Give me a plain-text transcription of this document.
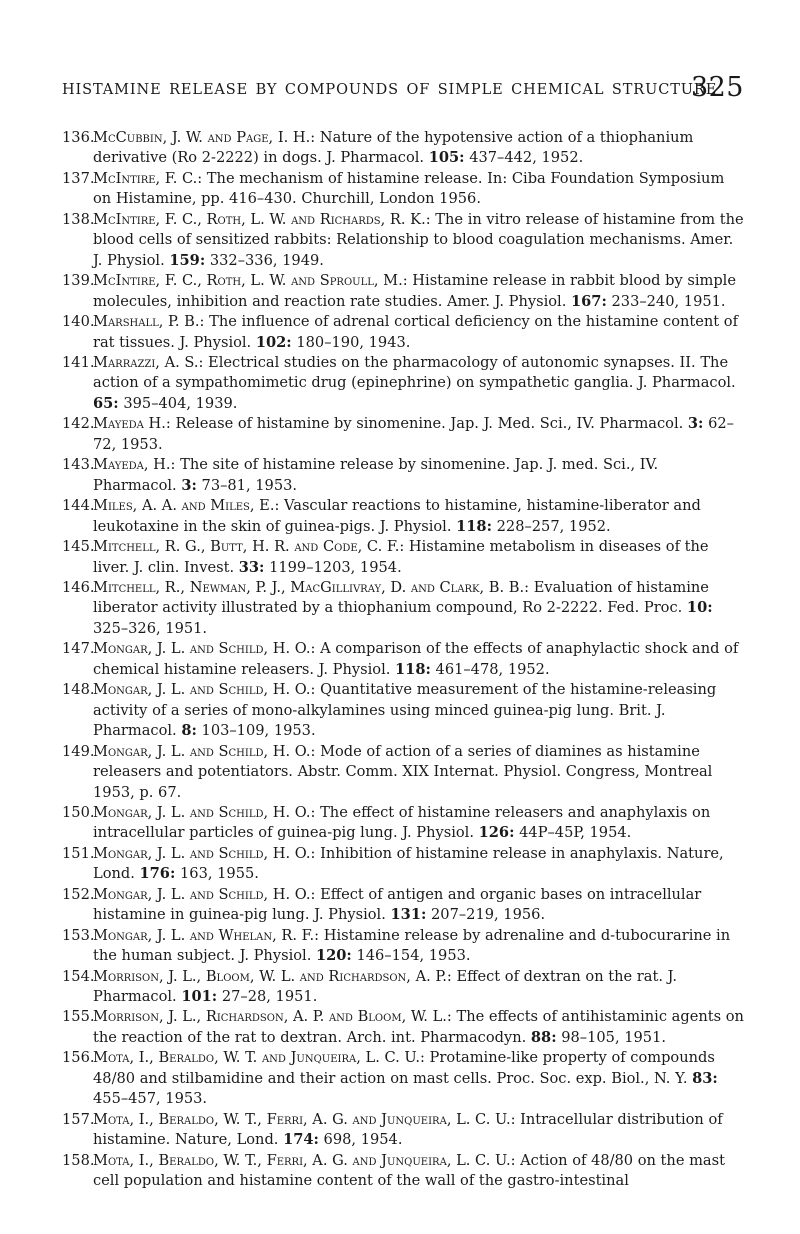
HISTAMINE RELEASE BY COMPOUNDS OF SIMPLE CHEMICAL STRUCTURE
325

136.
McCubbin, J. W. and Page, I. H.: Nature of the hypotensive action of a thiophanium derivative (Ro 2-2222) in dogs. J. Pharmacol. 105: 437–442, 1952.

137.
McIntire, F. C.: The mechanism of histamine release. In: Ciba Foundation Symposium on Histamine, pp. 416–430. Churchill, London 1956.

138.
McIntire, F. C., Roth, L. W. and Richards, R. K.: The in vitro release of histamine from the blood cells of sensitized rabbits: Relationship to blood coagulation mechanisms. Amer. J. Physiol. 159: 332–336, 1949.

139.
McIntire, F. C., Roth, L. W. and Sproull, M.: Histamine release in rabbit blood by simple molecules, inhibition and reaction rate studies. Amer. J. Physiol. 167: 233–240, 1951.

140.
Marshall, P. B.: The influence of adrenal cortical deficiency on the histamine content of rat tissues. J. Physiol. 102: 180–190, 1943.

141.
Marrazzi, A. S.: Electrical studies on the pharmacology of autonomic synapses. II. The action of a sympathomimetic drug (epinephrine) on sympathetic ganglia. J. Pharmacol. 65: 395–404, 1939.

142.
Mayeda H.: Release of histamine by sinomenine. Jap. J. Med. Sci., IV. Pharmacol. 3: 62–72, 1953.

143.
Mayeda, H.: The site of histamine release by sinomenine. Jap. J. med. Sci., IV. Pharmacol. 3: 73–81, 1953.

144.
Miles, A. A. and Miles, E.: Vascular reactions to histamine, histamine-liberator and leukotaxine in the skin of guinea-pigs. J. Physiol. 118: 228–257, 1952.

145.
Mitchell, R. G., Butt, H. R. and Code, C. F.: Histamine metabolism in diseases of the liver. J. clin. Invest. 33: 1199–1203, 1954.

146.
Mitchell, R., Newman, P. J., MacGillivray, D. and Clark, B. B.: Evaluation of histamine liberator activity illustrated by a thiophanium compound, Ro 2-2222. Fed. Proc. 10: 325–326, 1951.

147.
Mongar, J. L. and Schild, H. O.: A comparison of the effects of anaphylactic shock and of chemical histamine releasers. J. Physiol. 118: 461–478, 1952.

148.
Mongar, J. L. and Schild, H. O.: Quantitative measurement of the histamine-releasing activity of a series of mono-alkylamines using minced guinea-pig lung. Brit. J. Pharmacol. 8: 103–109, 1953.

149.
Mongar, J. L. and Schild, H. O.: Mode of action of a series of diamines as histamine releasers and potentiators. Abstr. Comm. XIX Internat. Physiol. Congress, Montreal 1953, p. 67.

150.
Mongar, J. L. and Schild, H. O.: The effect of histamine releasers and anaphylaxis on intracellular particles of guinea-pig lung. J. Physiol. 126: 44P–45P, 1954.

151.
Mongar, J. L. and Schild, H. O.: Inhibition of histamine release in anaphylaxis. Nature, Lond. 176: 163, 1955.

152.
Mongar, J. L. and Schild, H. O.: Effect of antigen and organic bases on intracellular histamine in guinea-pig lung. J. Physiol. 131: 207–219, 1956.

153.
Mongar, J. L. and Whelan, R. F.: Histamine release by adrenaline and d-tubocurarine in the human subject. J. Physiol. 120: 146–154, 1953.

154.
Morrison, J. L., Bloom, W. L. and Richardson, A. P.: Effect of dextran on the rat. J. Pharmacol. 101: 27–28, 1951.

155.
Morrison, J. L., Richardson, A. P. and Bloom, W. L.: The effects of antihistaminic agents on the reaction of the rat to dextran. Arch. int. Pharmacodyn. 88: 98–105, 1951.

156.
Mota, I., Beraldo, W. T. and Junqueira, L. C. U.: Protamine-like property of compounds 48/80 and stilbamidine and their action on mast cells. Proc. Soc. exp. Biol., N. Y. 83: 455–457, 1953.

157.
Mota, I., Beraldo, W. T., Ferri, A. G. and Junqueira, L. C. U.: Intracellular distribution of histamine. Nature, Lond. 174: 698, 1954.

158.
Mota, I., Beraldo, W. T., Ferri, A. G. and Junqueira, L. C. U.: Action of 48/80 on the mast cell population and histamine content of the wall of the gastro-intestinal
